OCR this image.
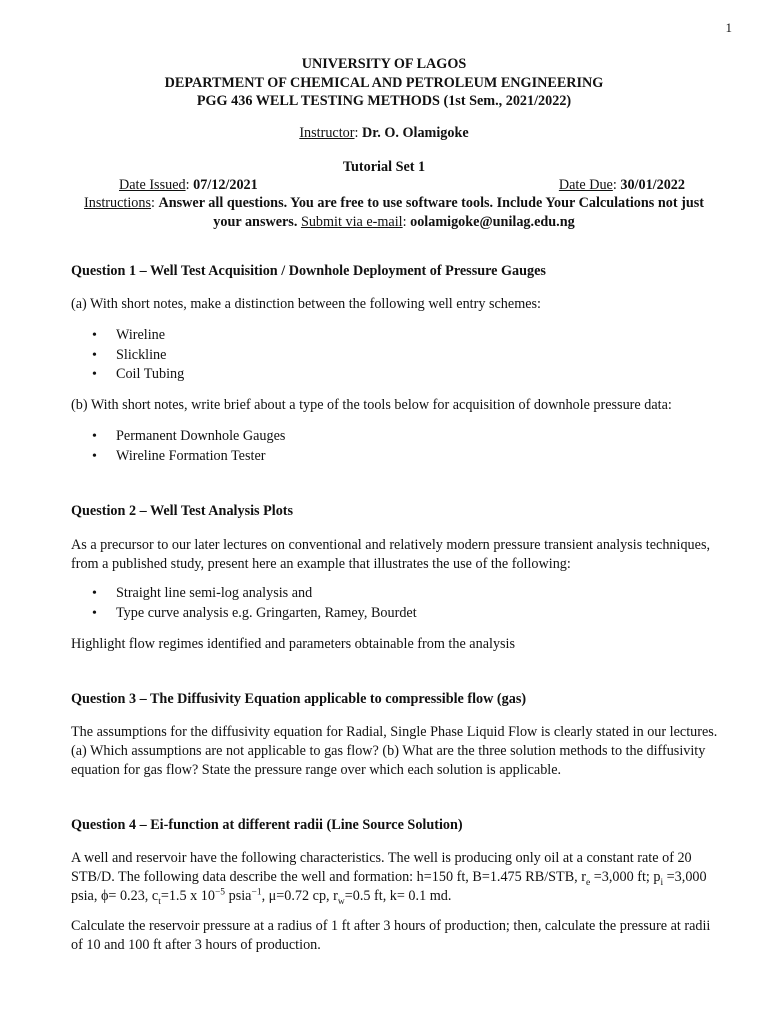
1
UNIVERSITY OF LAGOS
DEPARTMENT OF CHEMICAL AND PETROLEUM ENGINEERING
PGG 436 WELL TESTING METHODS (1st Sem., 2021/2022)
Instructor: Dr. O. Olamigoke
Tutorial Set 1
Date Issued: 07/12/2021	Date Due: 30/01/2022
Instructions: Answer all questions. You are free to use software tools. Include Your Calculations not just your answers. Submit via e-mail: oolamigoke@unilag.edu.ng
Question 1 – Well Test Acquisition / Downhole Deployment of Pressure Gauges
(a) With short notes, make a distinction between the following well entry schemes:
• Wireline
• Slickline
• Coil Tubing
(b) With short notes, write brief about a type of the tools below for acquisition of downhole pressure data:
• Permanent Downhole Gauges
• Wireline Formation Tester
Question 2 – Well Test Analysis Plots
As a precursor to our later lectures on conventional and relatively modern pressure transient analysis techniques, from a published study, present here an example that illustrates the use of the following:
• Straight line semi-log analysis and
• Type curve analysis e.g. Gringarten, Ramey, Bourdet
Highlight flow regimes identified and parameters obtainable from the analysis
Question 3 – The Diffusivity Equation applicable to compressible flow (gas)
The assumptions for the diffusivity equation for Radial, Single Phase Liquid Flow is clearly stated in our lectures. (a) Which assumptions are not applicable to gas flow? (b) What are the three solution methods to the diffusivity equation for gas flow? State the pressure range over which each solution is applicable.
Question 4 – Ei-function at different radii (Line Source Solution)
A well and reservoir have the following characteristics. The well is producing only oil at a constant rate of 20 STB/D. The following data describe the well and formation: h=150 ft, B=1.475 RB/STB, $r_e =3,000$ ft; $p_i =3,000$ psia, ϕ= 0.23, $c_t=1.5$ x $10^{-5}$ psia$^{-1}$, μ=0.72 cp, $r_w=0.5$ ft, k= 0.1 md.
Calculate the reservoir pressure at a radius of 1 ft after 3 hours of production; then, calculate the pressure at radii of 10 and 100 ft after 3 hours of production.
